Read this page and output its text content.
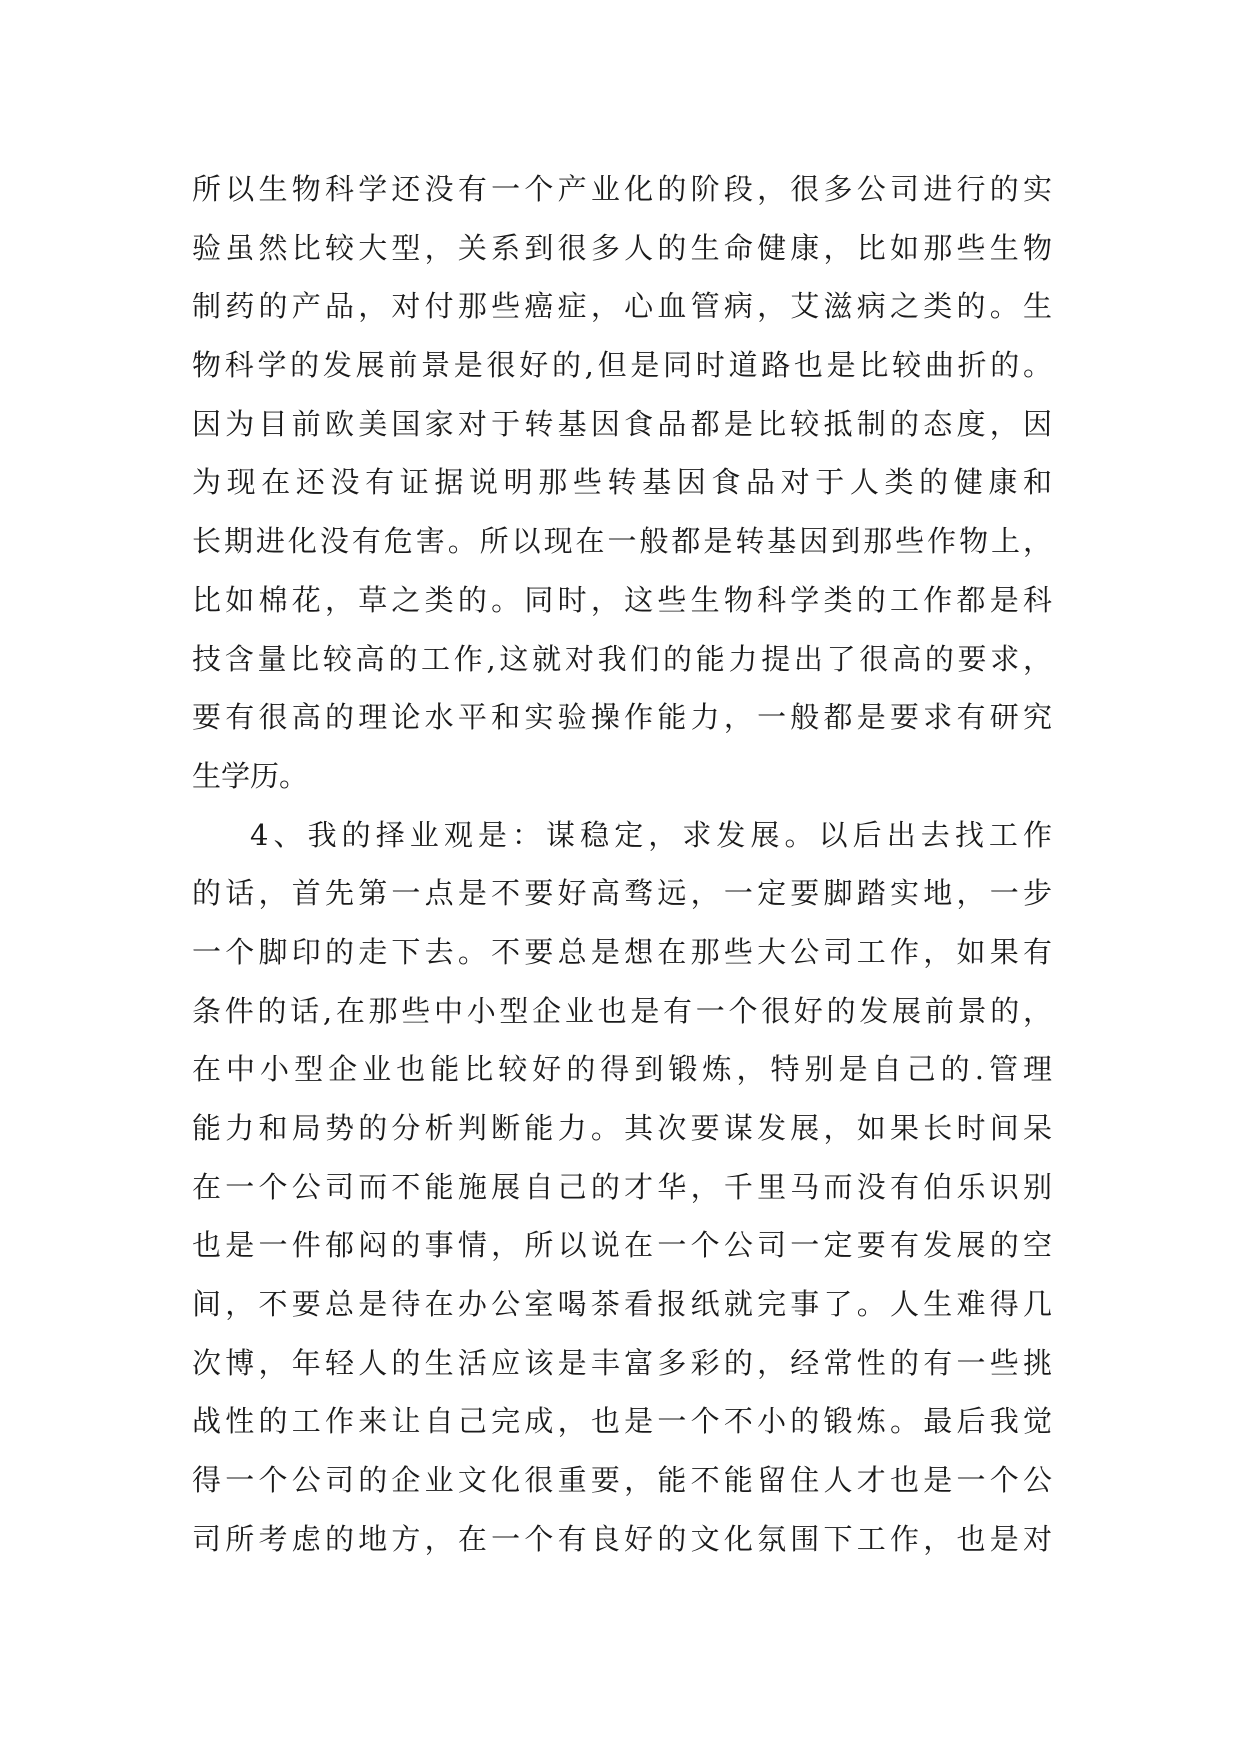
所以生物科学还没有一个产业化的阶段，很多公司进行的实
验虽然比较大型，关系到很多人的生命健康，比如那些生物
制药的产品，对付那些癌症，心血管病，艾滋病之类的。生
物科学的发展前景是很好的,但是同时道路也是比较曲折的。
因为目前欧美国家对于转基因食品都是比较抵制的态度，因
为现在还没有证据说明那些转基因食品对于人类的健康和
长期进化没有危害。所以现在一般都是转基因到那些作物上，
比如棉花，草之类的。同时，这些生物科学类的工作都是科
技含量比较高的工作,这就对我们的能力提出了很高的要求，
要有很高的理论水平和实验操作能力，一般都是要求有研究
生学历。
4、我的择业观是：谋稳定，求发展。以后出去找工作
的话，首先第一点是不要好高骛远，一定要脚踏实地，一步
一个脚印的走下去。不要总是想在那些大公司工作，如果有
条件的话,在那些中小型企业也是有一个很好的发展前景的，
在中小型企业也能比较好的得到锻炼，特别是自己的.管理
能力和局势的分析判断能力。其次要谋发展，如果长时间呆
在一个公司而不能施展自己的才华，千里马而没有伯乐识别
也是一件郁闷的事情，所以说在一个公司一定要有发展的空
间，不要总是待在办公室喝茶看报纸就完事了。人生难得几
次博，年轻人的生活应该是丰富多彩的，经常性的有一些挑
战性的工作来让自己完成，也是一个不小的锻炼。最后我觉
得一个公司的企业文化很重要，能不能留住人才也是一个公
司所考虑的地方，在一个有良好的文化氛围下工作，也是对
